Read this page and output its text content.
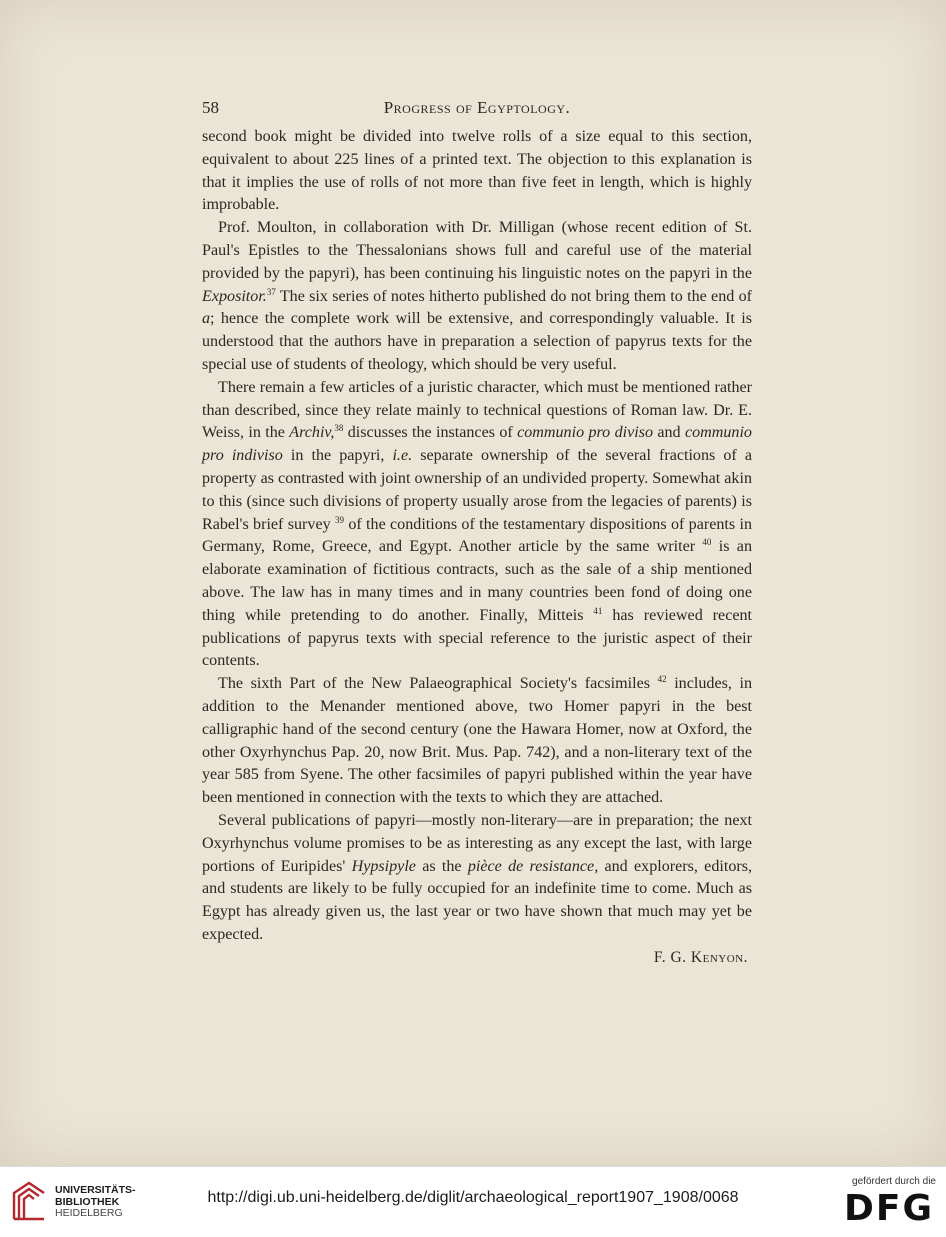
58	Progress of Egyptology.

second book might be divided into twelve rolls of a size equal to this section, equivalent to about 225 lines of a printed text. The objection to this explanation is that it implies the use of rolls of not more than five feet in length, which is highly improbable.

Prof. Moulton, in collaboration with Dr. Milligan (whose recent edition of St. Paul's Epistles to the Thessalonians shows full and careful use of the material provided by the papyri), has been continuing his linguistic notes on the papyri in the Expositor.$^{37}$ The six series of notes hitherto published do not bring them to the end of a; hence the complete work will be extensive, and correspondingly valuable. It is understood that the authors have in preparation a selection of papyrus texts for the special use of students of theology, which should be very useful.

There remain a few articles of a juristic character, which must be mentioned rather than described, since they relate mainly to technical questions of Roman law. Dr. E. Weiss, in the Archiv,$^{38}$ discusses the instances of communio pro diviso and communio pro indiviso in the papyri, i.e. separate ownership of the several fractions of a property as contrasted with joint ownership of an undivided property. Somewhat akin to this (since such divisions of property usually arose from the legacies of parents) is Rabel's brief survey $^{39}$ of the conditions of the testamentary dispositions of parents in Germany, Rome, Greece, and Egypt. Another article by the same writer $^{40}$ is an elaborate examination of fictitious contracts, such as the sale of a ship mentioned above. The law has in many times and in many countries been fond of doing one thing while pretending to do another. Finally, Mitteis $^{41}$ has reviewed recent publications of papyrus texts with special reference to the juristic aspect of their contents.

The sixth Part of the New Palaeographical Society's facsimiles $^{42}$ includes, in addition to the Menander mentioned above, two Homer papyri in the best calligraphic hand of the second century (one the Hawara Homer, now at Oxford, the other Oxyrhynchus Pap. 20, now Brit. Mus. Pap. 742), and a non-literary text of the year 585 from Syene. The other facsimiles of papyri published within the year have been mentioned in connection with the texts to which they are attached.

Several publications of papyri—mostly non-literary—are in preparation; the next Oxyrhynchus volume promises to be as interesting as any except the last, with large portions of Euripides' Hypsipyle as the pièce de resistance, and explorers, editors, and students are likely to be fully occupied for an indefinite time to come. Much as Egypt has already given us, the last year or two have shown that much may yet be expected.

F. G. Kenyon.
UNIVERSITÄTS-
BIBLIOTHEK
HEIDELBERG
http://digi.ub.uni-heidelberg.de/diglit/archaeological_report1907_1908/0068
gefördert durch die
DFG
